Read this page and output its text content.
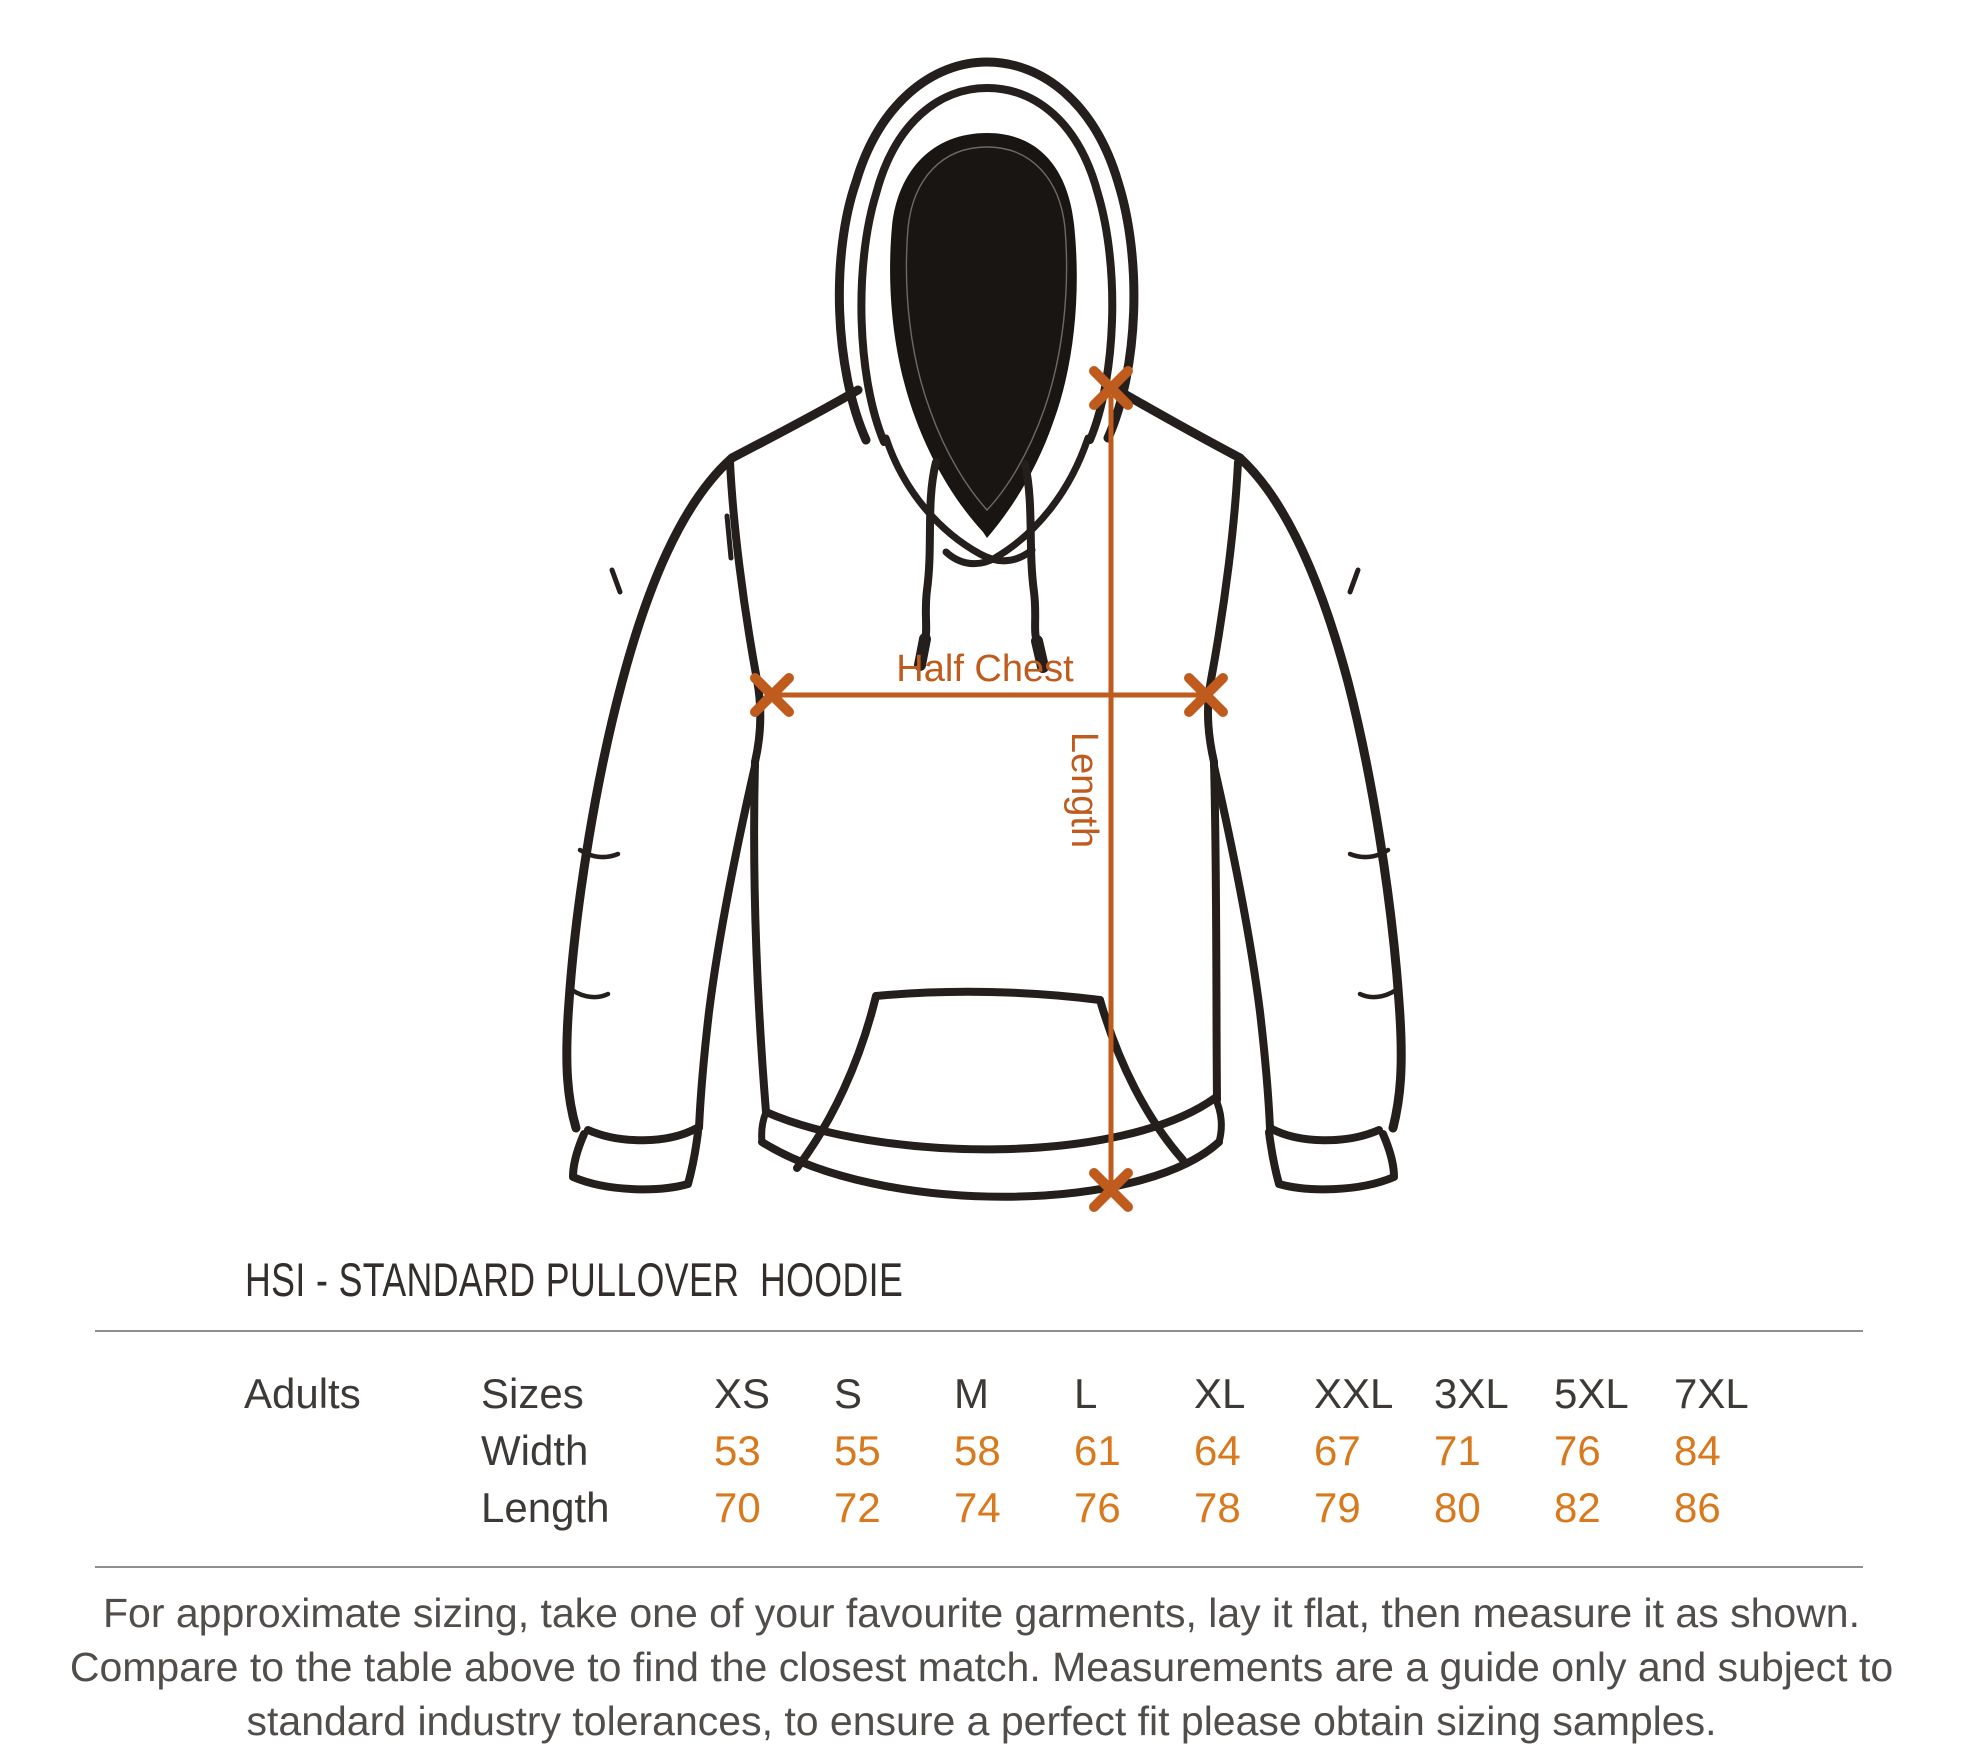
Half Chest
Length
HSI - STANDARD PULLOVER  HOODIE
Adults	Sizes	XS	S	M	L	XL	XXL 3XL	5XL	7XL
Width	53	55	58	61	64	67	71	76	84
Length	70	72	74	76	78	79	80	82	86
For approximate sizing, take one of your favourite garments, lay it flat, then measure it as shown.
Compare to the table above to find the closest match. Measurements are a guide only and subject to
standard industry tolerances, to ensure a perfect fit please obtain sizing samples.
